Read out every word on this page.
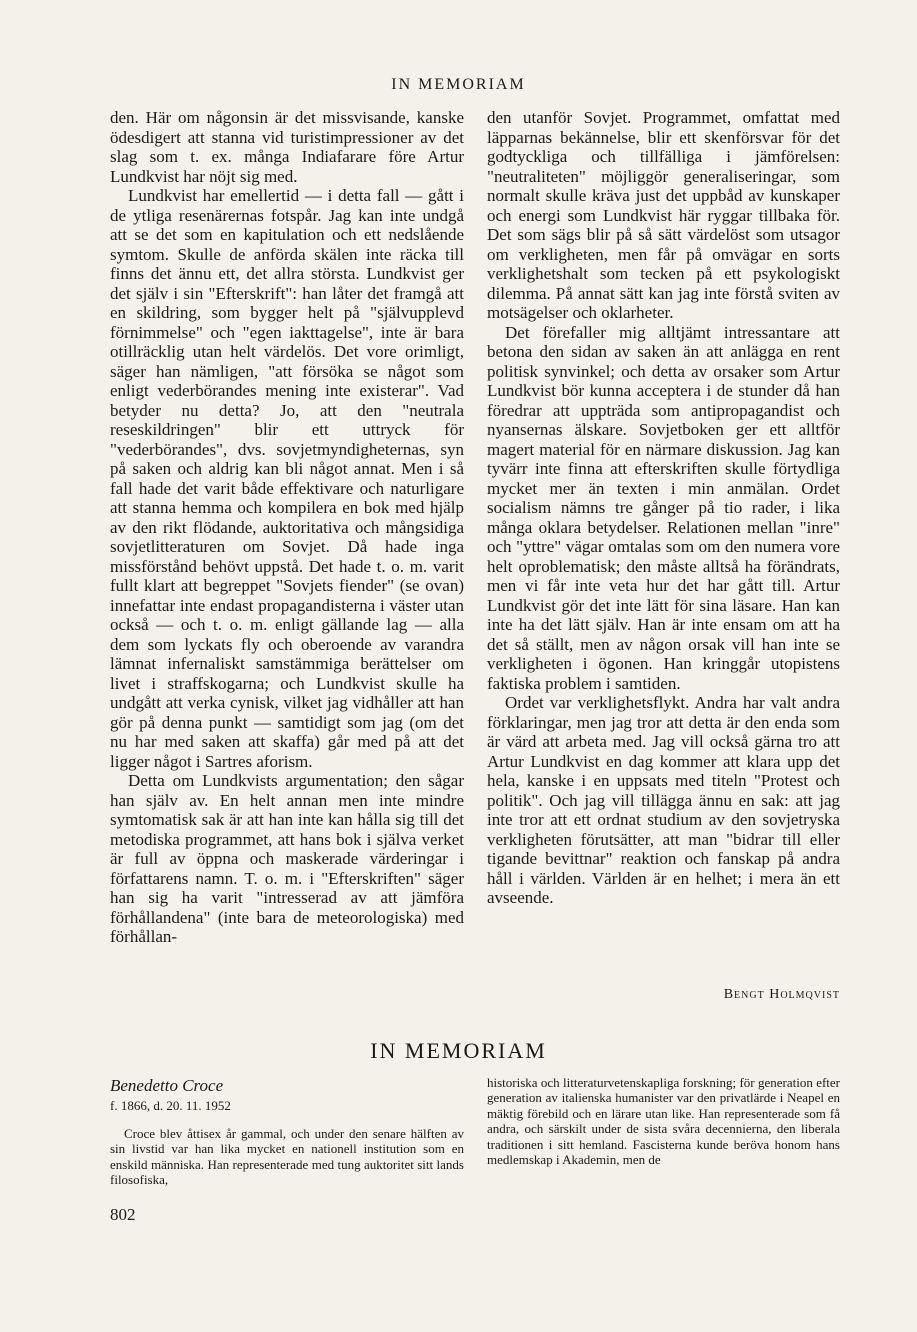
IN MEMORIAM

den. Här om någonsin är det missvisande, kanske ödesdigert att stanna vid turistimpressioner av det slag som t. ex. många Indiafarare före Artur Lundkvist har nöjt sig med.

Lundkvist har emellertid — i detta fall — gått i de ytliga resenärernas fotspår. Jag kan inte undgå att se det som en kapitulation och ett nedslående symtom. Skulle de anförda skälen inte räcka till finns det ännu ett, det allra största. Lundkvist ger det själv i sin "Efterskrift": han låter det framgå att en skildring, som bygger helt på "självupplevd förnimmelse" och "egen iakttagelse", inte är bara otillräcklig utan helt värdelös. Det vore orimligt, säger han nämligen, "att försöka se något som enligt vederbörandes mening inte existerar". Vad betyder nu detta? Jo, att den "neutrala reseskildringen" blir ett uttryck för "vederbörandes", dvs. sovjetmyndigheternas, syn på saken och aldrig kan bli något annat. Men i så fall hade det varit både effektivare och naturligare att stanna hemma och kompilera en bok med hjälp av den rikt flödande, auktoritativa och mångsidiga sovjetlitteraturen om Sovjet. Då hade inga missförstånd behövt uppstå. Det hade t. o. m. varit fullt klart att begreppet "Sovjets fiender" (se ovan) innefattar inte endast propagandisterna i väster utan också — och t. o. m. enligt gällande lag — alla dem som lyckats fly och oberoende av varandra lämnat infernaliskt samstämmiga berättelser om livet i straffskogarna; och Lundkvist skulle ha undgått att verka cynisk, vilket jag vidhåller att han gör på denna punkt — samtidigt som jag (om det nu har med saken att skaffa) går med på att det ligger något i Sartres aforism.

Detta om Lundkvists argumentation; den sågar han själv av. En helt annan men inte mindre symtomatisk sak är att han inte kan hålla sig till det metodiska programmet, att hans bok i själva verket är full av öppna och maskerade värderingar i författarens namn. T. o. m. i "Efterskriften" säger han sig ha varit "intresserad av att jämföra förhållandena" (inte bara de meteorologiska) med förhållan-

den utanför Sovjet. Programmet, omfattat med läpparnas bekännelse, blir ett skenförsvar för det godtyckliga och tillfälliga i jämförelsen: "neutraliteten" möjliggör generaliseringar, som normalt skulle kräva just det uppbåd av kunskaper och energi som Lundkvist här ryggar tillbaka för. Det som sägs blir på så sätt värdelöst som utsagor om verkligheten, men får på omvägar en sorts verklighetshalt som tecken på ett psykologiskt dilemma. På annat sätt kan jag inte förstå sviten av motsägelser och oklarheter.

Det förefaller mig alltjämt intressantare att betona den sidan av saken än att anlägga en rent politisk synvinkel; och detta av orsaker som Artur Lundkvist bör kunna acceptera i de stunder då han föredrar att uppträda som antipropagandist och nyansernas älskare. Sovjetboken ger ett alltför magert material för en närmare diskussion. Jag kan tyvärr inte finna att efterskriften skulle förtydliga mycket mer än texten i min anmälan. Ordet socialism nämns tre gånger på tio rader, i lika många oklara betydelser. Relationen mellan "inre" och "yttre" vägar omtalas som om den numera vore helt oproblematisk; den måste alltså ha förändrats, men vi får inte veta hur det har gått till. Artur Lundkvist gör det inte lätt för sina läsare. Han kan inte ha det lätt själv. Han är inte ensam om att ha det så ställt, men av någon orsak vill han inte se verkligheten i ögonen. Han kringgår utopistens faktiska problem i samtiden.

Ordet var verklighetsflykt. Andra har valt andra förklaringar, men jag tror att detta är den enda som är värd att arbeta med. Jag vill också gärna tro att Artur Lundkvist en dag kommer att klara upp det hela, kanske i en uppsats med titeln "Protest och politik". Och jag vill tillägga ännu en sak: att jag inte tror att ett ordnat studium av den sovjetryska verkligheten förutsätter, att man "bidrar till eller tigande bevittnar" reaktion och fanskap på andra håll i världen. Världen är en helhet; i mera än ett avseende.

Bengt Holmqvist
IN MEMORIAM
Benedetto Croce
f. 1866, d. 20. 11. 1952

Croce blev åttisex år gammal, och under den senare hälften av sin livstid var han lika mycket en nationell institution som en enskild människa. Han representerade med tung auktoritet sitt lands filosofiska,

historiska och litteraturvetenskapliga forskning; för generation efter generation av italienska humanister var den privatlärde i Neapel en mäktig förebild och en lärare utan like. Han representerade som få andra, och särskilt under de sista svåra decennierna, den liberala traditionen i sitt hemland. Fascisterna kunde beröva honom hans medlemskap i Akademin, men de

802
